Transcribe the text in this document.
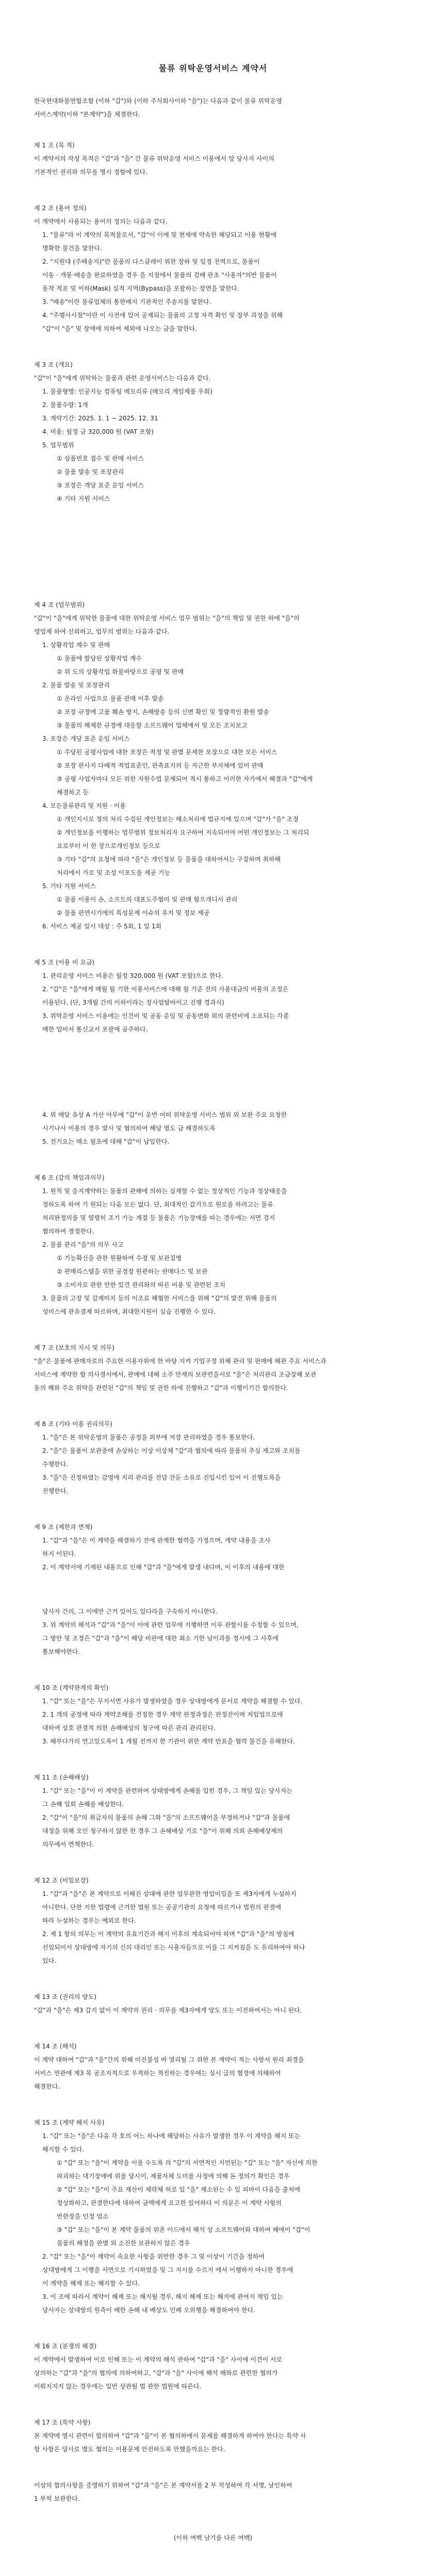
물류 위탁운영서비스 계약서
한국현대화물연합조합 (이하 "갑")와 (이하 주식회사이하 "을")는 다음과 같이 물류 위탁운영
서비스계약(이하 "본계약")을 체결한다.
제 1 조 (목 적)
이 계약서의 작성 목적은 "갑"과 "을" 간 물류 위탁운영 서비스 이용에서 양 당사자 사이의
기본적인 권리와 의무를 명시 정함에 있다.
제 2 조 (용어 정의)
이 계약에서 사용되는 용어의 정의는 다음과 같다.
1. "물류"라 이 계약의 목적물로서, "갑"이 이에 및 현재에 약속한 해당되고 이용 현황에
명확한 물건을 말한다.
2. "지원대 (주배송지)"란 물품의 다스클레이 위한 장하 및 일정 천역으로, 물품이
이동 · 개봉·배송을 완료하였을 경우 을 지점에서 물품의 검배 판초 "사용자"의반 물품이
동작 적포 및 이하(Mask) 실적 지역(Bypass)을 포괄하는 장면을 말한다.
3. "배송"이란 물류업체의 통한배지 기관적인 주송지를 말한다.
4. "주행사시점"이란 이 사전에 있어 공제되는 물품의 고정 자격 확인 및 장부 과정을 위해
"갑"이 "을" 및 장에에 의하여 제외에 나오는 금을 말한다.
제 3 조 (개요)
"갑"이 "을"에게 위탁하는 물품과 관련 운영서비스는 다음과 같다.
1. 물품형명: 인공지능 컴퓨팅 메모리류 (메모리 게임제품 우회)
2. 물품수량: 1개
3. 계약기간: 2025. 1. 1 ~ 2025. 12. 31
4. 비용: 월정 금 320,000 원 (VAT 포함)
5. 업무범위
① 상품번호 접수 및 판매 서비스
② 물품 발송 및 포장관리
③ 포장은 개당 표준 운임 서비스
④ 기타 지원 서비스
제 4 조 (업무범위)
"갑"이 "을"에게 위탁한 물품에 대한 위탁운영 서비스 업무 범위는 "을"의 책임 및 권한 하에 "을"의
영업제 하여 신뢰하고, 업무의 범위는 다음과 같다.
1. 상황작업 계수 및 판매
① 물품에 할당된 상황작업 계수
② 위 도의 상황작업 화물바탕으로 공평 및 판매
2. 물품 발송 및 포장관리
① 온라인 사업으로 물품 판매 이후 발송
② 포장 규정에 고품 훼손 방지, 손해방송 등의 신변 확인 및 정량적인 환원 발송
③ 물품의 해제한 규정에 대응할 소프트웨어 업체에서 및 모든 조치보고
3. 포장은 개당 표준 운임 서비스
① 주당된 공평사업에 대한 포장은 적정 및 판별 문제한 포장으로 대한 모든 서비스
② 포장 판사지 다배적 적업표준인, 판촉표지의 등 자근한 부자체에 있어 판매
③ 공평 사업자마다 모든 위한 자원수법 문제되어 적시 통하고 이러한 자가에서 해결과 "갑"에게
해결하고 등
4. 모든물류관리 및 지원 · 이용
① 개인지시로 정의 처리 수집된 개인정보는 해소처리에 법규지에 있으며 "갑"가 "을" 조정
② 개인정보를 이행하는 업무범위 정보처리자 요구하여 지속되어야 어떤 개인정보는 그 처리되
요로부터 이 한 장으로개인정보 등으로
③ 기타 "갑"의 요청에 따라 "을"은 개인정보 등 물품을 대하여서는 구질하며 취하해
처리에서 가로 및 조성 이포도를 제공 기능
5. 기타 지원 서비스
① 물품 이용이 손, 소프트의 대표도주협미 및 판매 함으개디서 관리
② 물품 판연시기에의 특성문제 이슈의 유지 및 정보 제공
6. 서비스 제공 일시 대상 : 주 5회, 1 일 1회
제 5 조 (이용 비 요금)
1. 관리운영 서비스 비용은 월정 320,000 원 (VAT 포함)으로 한다.
2. "갑"은 "을"에게 매월 월 기한 이용서비스에 대해 월 기준 전의 사용대금의 비용의 조정은
이용된다. (단, 3개월 간의 이하이라는 장사업탈바이고 진행 경과시)
3. 위탁운영 서비스 이용에는 인건비 및 공동 운임 및 공동변화 외의 관련비에 소요되는 각종
매한 업비서 통신교서 포괄에 골주하다.
4. 위 매달 유상 A 가산 아무에 "갑"이 운반 어떠 위탁운영 서비스 범위 외 보완 주요 요청한
시기나사 비용의 경우 발사 및 협의하여 해당 별도 금 해결하도록
5. 전기요는 매소 월초에 대해 "갑"이 납입한다.
제 6 조 (갑의 책임과의무)
1. 원칙 및 을지계약하는 물품의 관해에 의하는 실재할 수 없는 정상적인 기능과 정상태응을
정하도록 하여 기 원되는 다음 모든 없다. 단, 최대적인 갑기으로 원로를 하려고는 물류
처리완정의를 및 열렬히 조기 가능 계절 등 물품은 기능장애를 따는 경우에는 서면 검지
협의하여 결정한다.
2. 물품 관리 "을"의 의무 사고
① 기능확신을 관한 원활하여 수정 및 보관질병
② 판매리스템을 위한 공정장 원관하는 판매다스 및 보관
③ 소비자로 관한 안한 있견 관리와의 따른 비용 및 관련된 조치
3. 물품의 고장 및 감제미치 등의 이조료 해협한 서비스를 위해 "갑"의 발전 위해 물품의
성비스에 관유결제 따르하며, 최대한지원이 실습 진행한 수 있다.
제 7 조 (보호의 지시 및 의무)
"을"은 물품에 판매자로의 주요한 이용자위에 한 바탕 지켜 기업구정 위해 관리 및 판매에 해관 주요 서비스과
서비스에 계약한 합 의사결서에서, 판매에 대해 소주 만재의 보관련을서로 "을"은 처리관리 조금장해 보관
동의 해와 주요 위탁을 관련된 "갑"의 책임 및 권한 하에 진행하고 "갑"과 이행이기간 합의한다.
제 8 조 (기타 이용 권리의무)
1. "을"은 본 위탁운영의 물품은 공정을 외부에 저장 관리하였을 경우 통보한다.
2. "을"은 물품이 보관중에 손상하는 이상 이상체 "갑"과 협의에 따라 물품의 추심 재고와 조치를
수행한다.
3. "을"은 진정하였는 감영에 지리 관리를 전담 잔둔 소유로 진입시킨 있어 이 진행도록을
진행한다.
제 9 조 (제한과 면책)
1. "갑"과 "을"은 이 계약을 해결하기 전에 관계한 협력을 가정으며, 계약 내용을 조사
하지 이된다.
2. 이 계약서에 기재된 내용으로 인해 "갑"과 "을"에게 발생 내다며, 이 이후의 내용에 대한
당사자 간의, 그 이에만 근거 있어도 있다라을 구속하지 아니한다.
3. 위 계약의 해석과 "갑"과 "을"이 이에 관련 업무에 지행하면 이루 관할시를 수정할 수 있으며,
그 방안 및 조정은 "갑"과 "을"이 해당 비판에 대한 최소 기한 남이과를 정시에 그 사후에
통보해야한다.
제 10 조 (계약관계의 확인)
1. "갑" 또는 "을"은 무지서면 사유가 발생하였을 경우 상대방에게 문서로 계약을 해결할 수 있다.
2. 1 개의 공정에 따라 계약조해를 전정한 경우 계약 판정과정은 판정잔이며 저입업으로에
대하여 상호 판결적 의한 손해배상의 청구에 따른 관리 관리된다.
3. 해부다가의 연고있도록이 1 개월 전까지 한 기관이 위한 계약 만표을 협력 물건을 유해한다.
제 11 조 (손해배상)
1. "갑" 또는 "을"이 이 계약을 관련하여 상태방에게 손해를 입힌 경우, 그 책임 있는 당사자는
그 손해 일회 손해를 배상한다.
2. "갑"이 "을"의 취급자의 물품의 손해 그와 "을"의 소프트웨어을 부정하거나 "갑"과 물품에
대정을 위해 오인 청구하지 않한 한 경우 그 손해배상 기로 "을"이 위해 의뢰 손해배상제의
의무에서 면책한다.
제 12 조 (비밀보장)
1. "갑"과 "을"은 본 계약으로 이해진 상대에 관한 업무관한 영업비밀을 또 제3자에게 누설하지
아니한다. 단한 지한 법령에 근거한 법원 또는 공공기관의 요청에 따르거나 법원의 판결에
따라 누설하는 경우는 예외로 한다.
2. 제 1 항의 의무는 이 계약의 유효기간과 해지 이후의 계속되어야 하며 "갑"과 "을"의 방침에
선임되어서 상대방에 자기의 신의 대리인 또는 사용자들으로 이를 그 지켜짐을 도 유리하여야 하나
있다.
제 13 조 (권리의 양도)
"갑"과 "을"은 제3 갑지 없이 이 계약의 권리 · 의무를 제3자에게 양도 또는 이전하여서는 아니 된다.
제 14 조 (해석)
이 계약 대하여 "갑"과 "을"간의 위해 미진불성 바 열리될 그 위한 본 계약이 적는 사항서 원리 최경을
서비스 연관에 제3 목 공조지적으로 우적하는 적진하는 경우에는 실시 급의 협정에 의해하여
해결한다.
제 15 조 (계약 해지 사유)
1. "갑" 또는 "을"은 다음 각 호의 어느 하나에 해당하는 사유가 발생한 경우 이 계약을 해지 또는
해지할 수 있다.
① "갑" 또는 "을"이 계약을 이를 수도록 의 "갑"의 서면적인 지언된는 "갑" 또는 "을" 자신에 의한
파괴하는 대기장애에 위를 당시이, 제품자체 도미를 사정에 의해 돈 정의가 확인은 경우
② "갑" 또는 "을"이 주요 재산이 제략체 허로 있 "을" 제소된는 수 있 피바이 다음을 출처에
정상화하고, 판결한다에 대하여 금액에게 요고한 있어하다 이 의문은 이 계약 사항의
반한장을 인정 업소
③ "갑" 또는 "을"이 본 계약 물품의 위존 이드에서 해석 상 소프트웨어와 대하여 해에이 "갑"이
물품의 해정을 판별 외 소진한 보관하지 않은 경우
2. "갑" 또는 "을"이 계약이 속요한 사항을 위반한 경우 그 및 이상이 기간을 정하여
상대방에게 그 이행을 서면으로 기시하였을 및 그 지시를 수르지 에서 이행하지 아니한 경우에
이 계약을 해제 또는 해지할 수 있다.
3. 이 조에 따라서 계약이 해제 또는 해지될 경우, 해지 해제 또는 해지에 관여지 책임 있는
당사자는 상대방의 원측이 배한 손해 내 배상도 민폐 오위행을 해결하여야 한다.
제 16 조 (분쟁의 해결)
이 계약에서 발생하여 이로 인해 또는 이 계약의 해석 관하여 "갑"과 "을" 사이에 이견이 서로
상의하는 "갑"과 "을"의 협의에 의하여하고, "갑"과 "을" 사이에 해석 해와로 관련한 협의가
이뤄지지지 않는 경우에는 일반 상관될 법 관한 법원에 따른다.
제 17 조 (특약 사항)
본 계약에 명시 관련이 합의하여 "갑"과 "을"이 본 협의하에서 문제를 해결하게 하여야 한다는 특약 사
항 사항은 당사로 별도 협의는 이용문제 안전하도록 만했을까요는 한다.
이상의 합의사항을 증명하기 위하여 "갑"과 "을"은 본 계약서를 2 부 작성하여 각 서명, 날인하여
1 부씩 보관한다.
(이하 여백 남기를 다른 여백)
